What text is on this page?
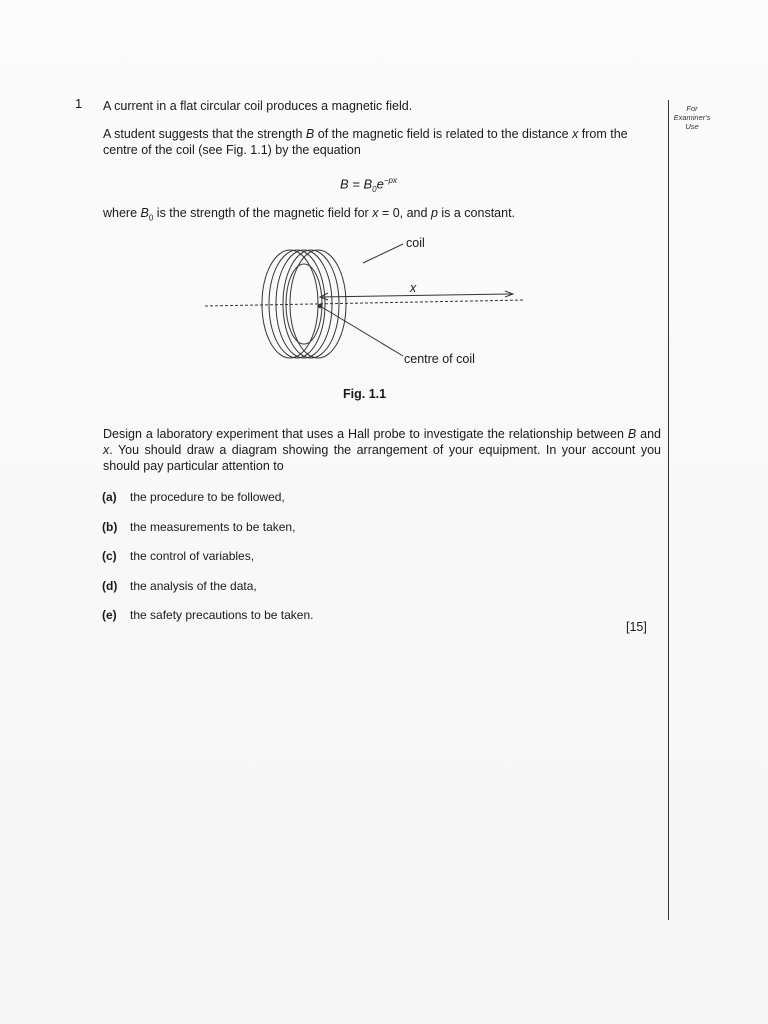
For Examiner's Use
1 A current in a flat circular coil produces a magnetic field.
A student suggests that the strength B of the magnetic field is related to the distance x from the centre of the coil (see Fig. 1.1) by the equation
$B = B_0e^{-px}$
where $B_0$ is the strength of the magnetic field for x = 0, and p is a constant.
coil
x
centre of coil
Fig. 1.1
Design a laboratory experiment that uses a Hall probe to investigate the relationship between B and x. You should draw a diagram showing the arrangement of your equipment. In your account you should pay particular attention to
(a)	the procedure to be followed,
(b)	the measurements to be taken,
(c)	the control of variables,
(d)	the analysis of the data,
(e)	the safety precautions to be taken.
[15]
